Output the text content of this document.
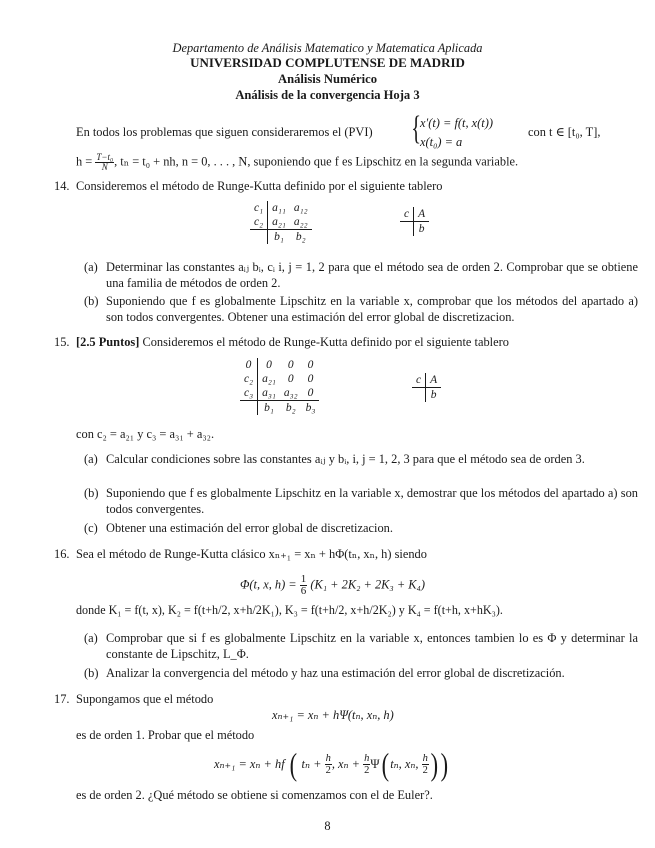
Departamento de Análisis Matematico y Matematica Aplicada
UNIVERSIDAD COMPLUTENSE DE MADRID
Análisis Numérico
Análisis de la convergencia Hoja 3
En todos los problemas que siguen consideraremos el (PVI) {
x′(t) = f(t, x(t))
x(t₀) = a
con t ∈ [t₀, T],
$h = \frac{\text{T−t₀}}{N}$ , tₙ = t₀ + nh, n = 0, . . . , N, suponiendo que f es Lipschitz en la segunda variable.
14. Consideremos el método de Runge-Kutta definido por el siguiente tablero
c₁	a₁₁	a₁₂
c₂	a₂₁	a₂₂
	b₁	b₂
c	A
	b
(a) Determinar las constantes aᵢⱼ bᵢ, cᵢ i, j = 1, 2 para que el método sea de orden 2. Comprobar que se obtiene una familia de métodos de orden 2.
(b) Suponiendo que f es globalmente Lipschitz en la variable x, comprobar que los métodos del apartado a) son todos convergentes. Obtener una estimación del error global de discretizacion.
15. [2.5 Puntos] Consideremos el método de Runge-Kutta definido por el siguiente tablero
0	0	0	0
c₂	a₂₁	0	0
c₃	a₃₁	a₃₂	0
	b₁	b₂	b₃
c	A
	b
con c₂ = a₂₁ y c₃ = a₃₁ + a₃₂.
(a) Calcular condiciones sobre las constantes aᵢⱼ y bᵢ, i, j = 1, 2, 3 para que el método sea de orden 3.
(b) Suponiendo que f es globalmente Lipschitz en la variable x, demostrar que los métodos del apartado a) son todos convergentes.
(c) Obtener una estimación del error global de discretizacion.
16. Sea el método de Runge-Kutta clásico xₙ₊₁ = xₙ + hΦ(tₙ, xₙ, h) siendo
Φ(t, x, $h) = \frac{1}{6} (K_1 + 2K_2 + 2K_3 + K_4)$
donde K₁ = f(t, x), K₂ = f(t+h/2, x+h/2K₁), K₃ = f(t+h/2, x+h/2K₂) y K₄ = f(t+h, x+hK₃).
(a) Comprobar que si f es globalmente Lipschitz en la variable x, entonces tambien lo es Φ y determinar la constante de Lipschitz, L_Φ.
(b) Analizar la convergencia del método y haz una estimación del error global de discretización.
17. Supongamos que el método
xₙ₊₁ = xₙ + hΨ(tₙ, xₙ, h)
es de orden 1. Probar que el método
xₙ₊₁ = xₙ + hf ( $t_n + \frac{h}{2}$ , $x_n + \frac{h}{2} \Psi$( tₙ, xₙ, $\frac{h}{2}$ ))
es de orden 2. ¿Qué método se obtiene si comenzamos con el de Euler?.
8
